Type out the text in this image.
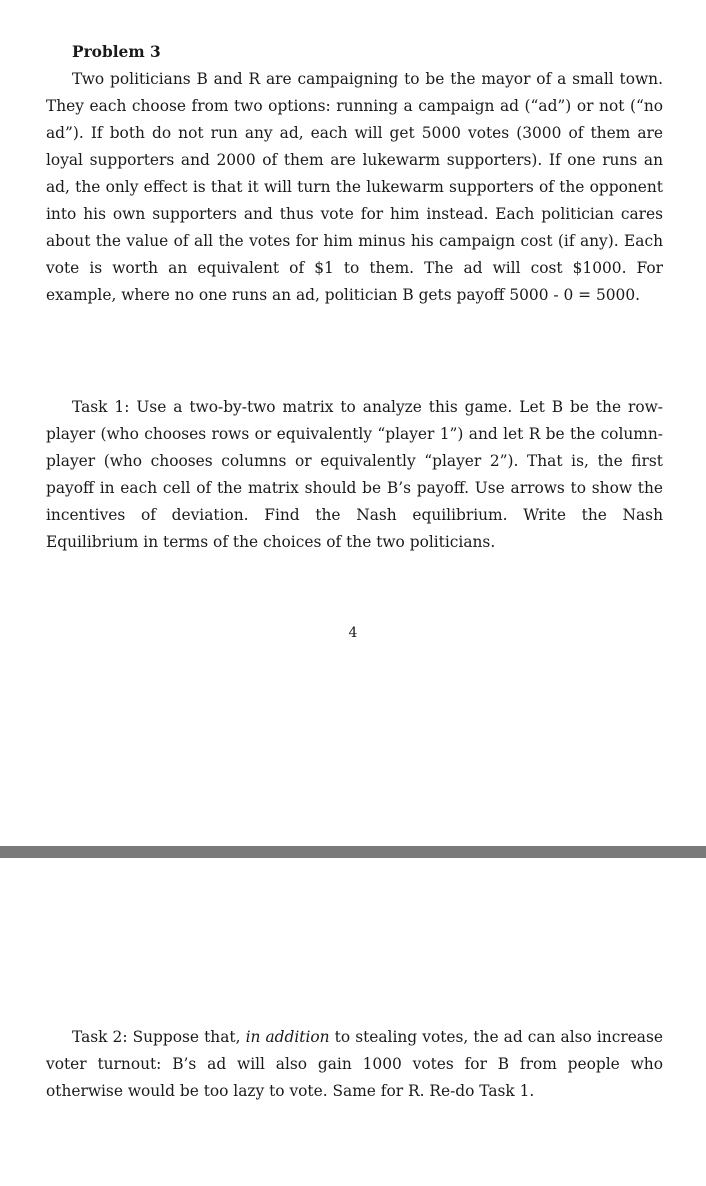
Problem 3

Two politicians B and R are campaigning to be the mayor of a small town. They each choose from two options: running a campaign ad (“ad”) or not (“no ad”). If both do not run any ad, each will get 5000 votes (3000 of them are loyal supporters and 2000 of them are lukewarm supporters). If one runs an ad, the only effect is that it will turn the lukewarm supporters of the opponent into his own supporters and thus vote for him instead. Each politician cares about the value of all the votes for him minus his campaign cost (if any). Each vote is worth an equivalent of $1 to them. The ad will cost $1000. For example, where no one runs an ad, politician B gets payoff 5000 - 0 = 5000.

Task 1: Use a two-by-two matrix to analyze this game. Let B be the row-player (who chooses rows or equivalently “player 1”) and let R be the column-player (who chooses columns or equivalently “player 2”). That is, the first payoff in each cell of the matrix should be B’s payoff. Use arrows to show the incentives of deviation. Find the Nash equilibrium. Write the Nash Equilibrium in terms of the choices of the two politicians.

4

Task 2: Suppose that, in addition to stealing votes, the ad can also increase voter turnout: B’s ad will also gain 1000 votes for B from people who otherwise would be too lazy to vote. Same for R. Re-do Task 1.
